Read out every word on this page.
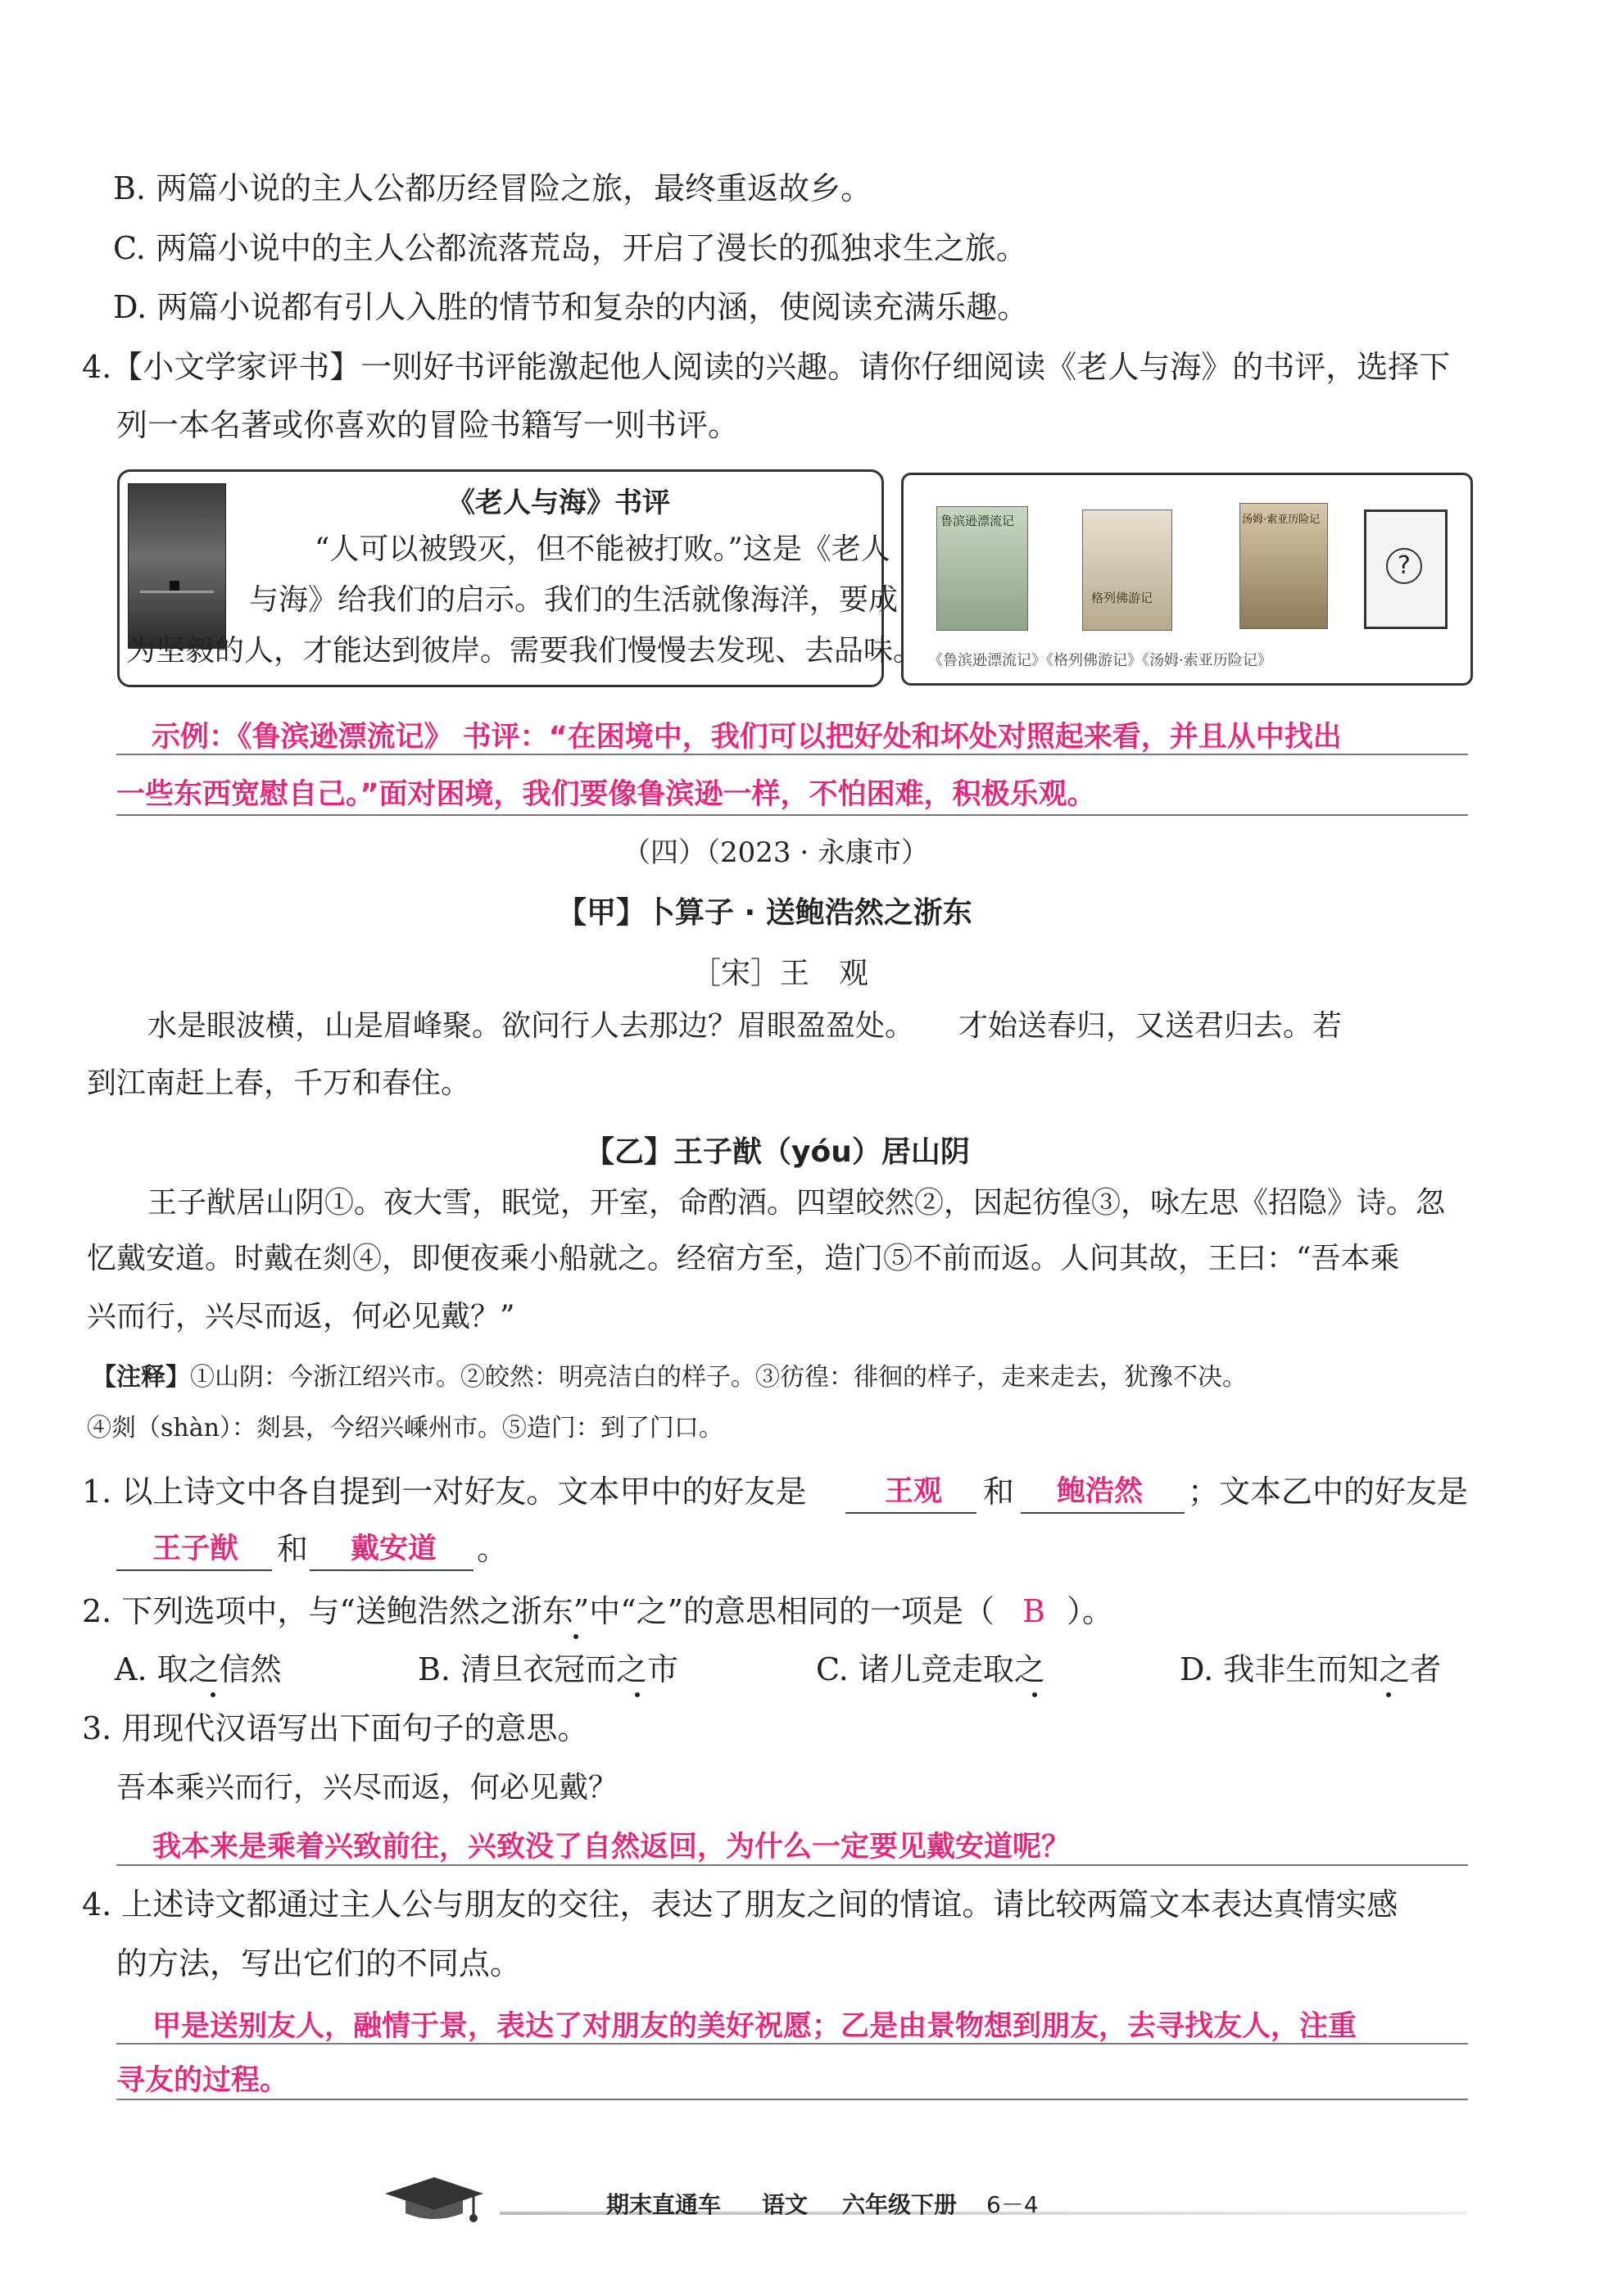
B. 两篇小说的主人公都历经冒险之旅，最终重返故乡。
C. 两篇小说中的主人公都流落荒岛，开启了漫长的孤独求生之旅。
D. 两篇小说都有引人入胜的情节和复杂的内涵，使阅读充满乐趣。
4.【小文学家评书】一则好书评能激起他人阅读的兴趣。请你仔细阅读《老人与海》的书评，选择下
列一本名著或你喜欢的冒险书籍写一则书评。
《老人与海》书评
“人可以被毁灭，但不能被打败。”这是《老人
与海》给我们的启示。我们的生活就像海洋，要成
为坚毅的人，才能达到彼岸。需要我们慢慢去发现、去品味。
鲁滨逊漂流记
格列佛游记
汤姆·索亚历险记
?
《鲁滨逊漂流记》《格列佛游记》《汤姆·索亚历险记》
示例：《鲁滨逊漂流记》 书评：“在困境中，我们可以把好处和坏处对照起来看，并且从中找出
一些东西宽慰自己。”面对困境，我们要像鲁滨逊一样，不怕困难，积极乐观。
（四）（2023 · 永康市）
【甲】卜算子 · 送鲍浩然之浙东
［宋］王　观
水是眼波横，山是眉峰聚。欲问行人去那边？眉眼盈盈处。　　才始送春归，又送君归去。若
到江南赶上春，千万和春住。
【乙】王子猷（yóu）居山阴
王子猷居山阴①。夜大雪，眠觉，开室，命酌酒。四望皎然②，因起彷徨③，咏左思《招隐》诗。忽
忆戴安道。时戴在剡④，即便夜乘小船就之。经宿方至，造门⑤不前而返。人问其故，王曰：“吾本乘
兴而行，兴尽而返，何必见戴？”
【注释】①山阴：今浙江绍兴市。②皎然：明亮洁白的样子。③彷徨：徘徊的样子，走来走去，犹豫不决。
④剡（shàn）：剡县，今绍兴嵊州市。⑤造门：到了门口。
1. 以上诗文中各自提到一对好友。文本甲中的好友是	王观 和 鲍浩然 ；文本乙中的好友是
王子猷 和 戴安道 。
2. 下列选项中，与“送鲍浩然之浙东”中“之”的意思相同的一项是（ B ）。
A. 取之信然	B. 清旦衣冠而之市	C. 诸儿竞走取之	D. 我非生而知之者
3. 用现代汉语写出下面句子的意思。
吾本乘兴而行，兴尽而返，何必见戴？
我本来是乘着兴致前往，兴致没了自然返回，为什么一定要见戴安道呢？
4. 上述诗文都通过主人公与朋友的交往，表达了朋友之间的情谊。请比较两篇文本表达真情实感
的方法，写出它们的不同点。
甲是送别友人，融情于景，表达了对朋友的美好祝愿；乙是由景物想到朋友，去寻找友人，注重
寻友的过程。
期末直通车 语文 六年级下册 6－4
